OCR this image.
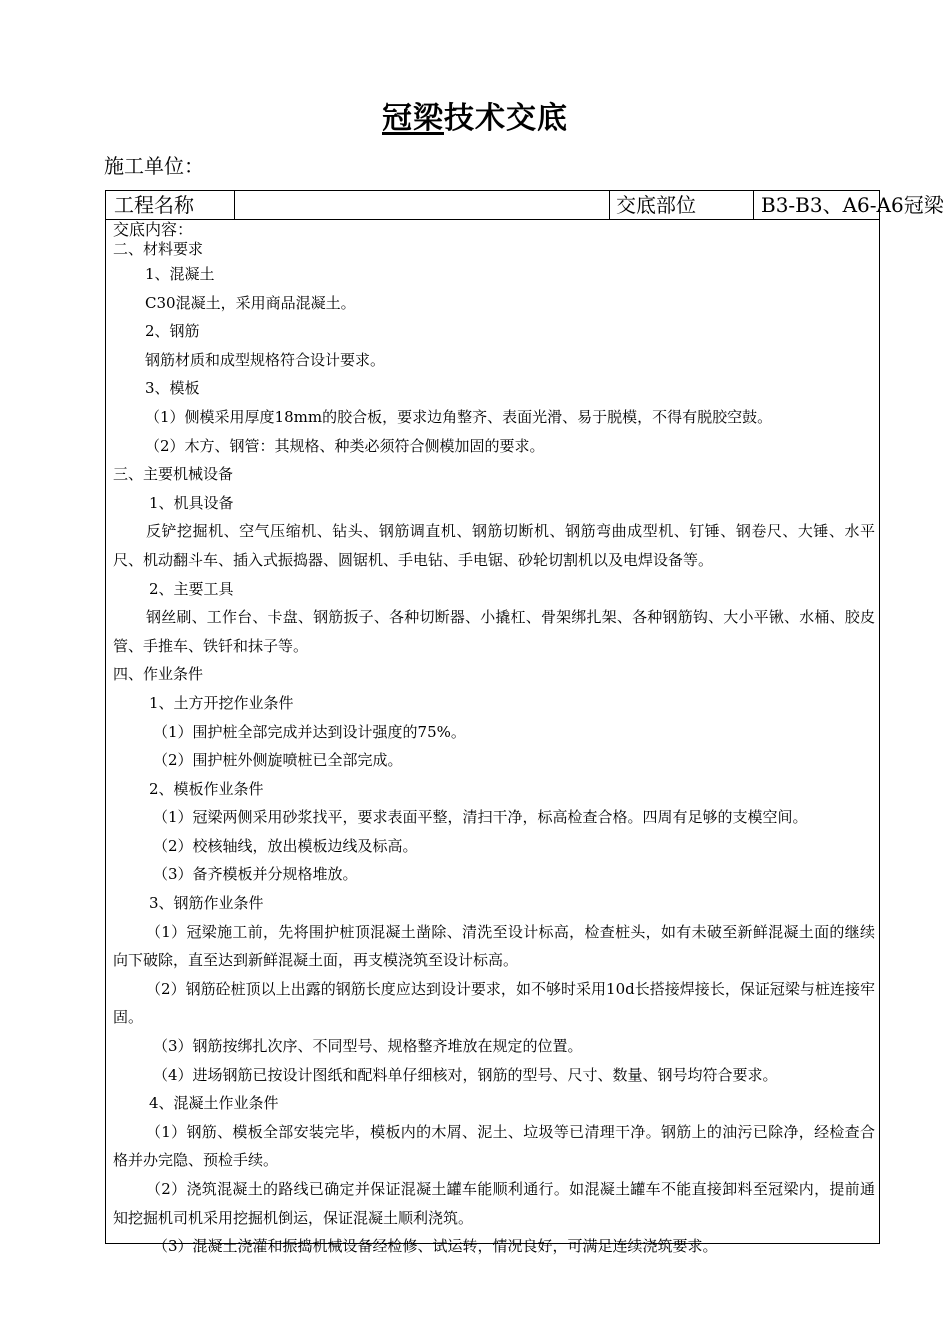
冠梁技术交底
施工单位：
工程名称	交底部位	B3-B3、A6-A6冠梁
交底内容：
二、材料要求
1、混凝土
C30混凝土，采用商品混凝土。
2、钢筋
钢筋材质和成型规格符合设计要求。
3、模板
（1）侧模采用厚度18mm的胶合板，要求边角整齐、表面光滑、易于脱模，不得有脱胶空鼓。
（2）木方、钢管：其规格、种类必须符合侧模加固的要求。
三、主要机械设备
1、机具设备
反铲挖掘机、空气压缩机、钻头、钢筋调直机、钢筋切断机、钢筋弯曲成型机、钉锤、钢卷尺、大锤、水平尺、机动翻斗车、插入式振捣器、圆锯机、手电钻、手电锯、砂轮切割机以及电焊设备等。
2、主要工具
钢丝刷、工作台、卡盘、钢筋扳子、各种切断器、小撬杠、骨架绑扎架、各种钢筋钩、大小平锹、水桶、胶皮管、手推车、铁钎和抹子等。
四、作业条件
1、土方开挖作业条件
（1）围护桩全部完成并达到设计强度的75%。
（2）围护桩外侧旋喷桩已全部完成。
2、模板作业条件
（1）冠梁两侧采用砂浆找平，要求表面平整，清扫干净，标高检查合格。四周有足够的支模空间。
（2）校核轴线，放出模板边线及标高。
（3）备齐模板并分规格堆放。
3、钢筋作业条件
（1）冠梁施工前，先将围护桩顶混凝土凿除、清洗至设计标高，检查桩头，如有未破至新鲜混凝土面的继续向下破除，直至达到新鲜混凝土面，再支模浇筑至设计标高。
（2）钢筋砼桩顶以上出露的钢筋长度应达到设计要求，如不够时采用10d长搭接焊接长，保证冠梁与桩连接牢固。
（3）钢筋按绑扎次序、不同型号、规格整齐堆放在规定的位置。
（4）进场钢筋已按设计图纸和配料单仔细核对，钢筋的型号、尺寸、数量、钢号均符合要求。
4、混凝土作业条件
（1）钢筋、模板全部安装完毕，模板内的木屑、泥土、垃圾等已清理干净。钢筋上的油污已除净，经检查合格并办完隐、预检手续。
（2）浇筑混凝土的路线已确定并保证混凝土罐车能顺利通行。如混凝土罐车不能直接卸料至冠梁内，提前通知挖掘机司机采用挖掘机倒运，保证混凝土顺利浇筑。
（3）混凝土浇灌和振捣机械设备经检修、试运转，情况良好，可满足连续浇筑要求。
